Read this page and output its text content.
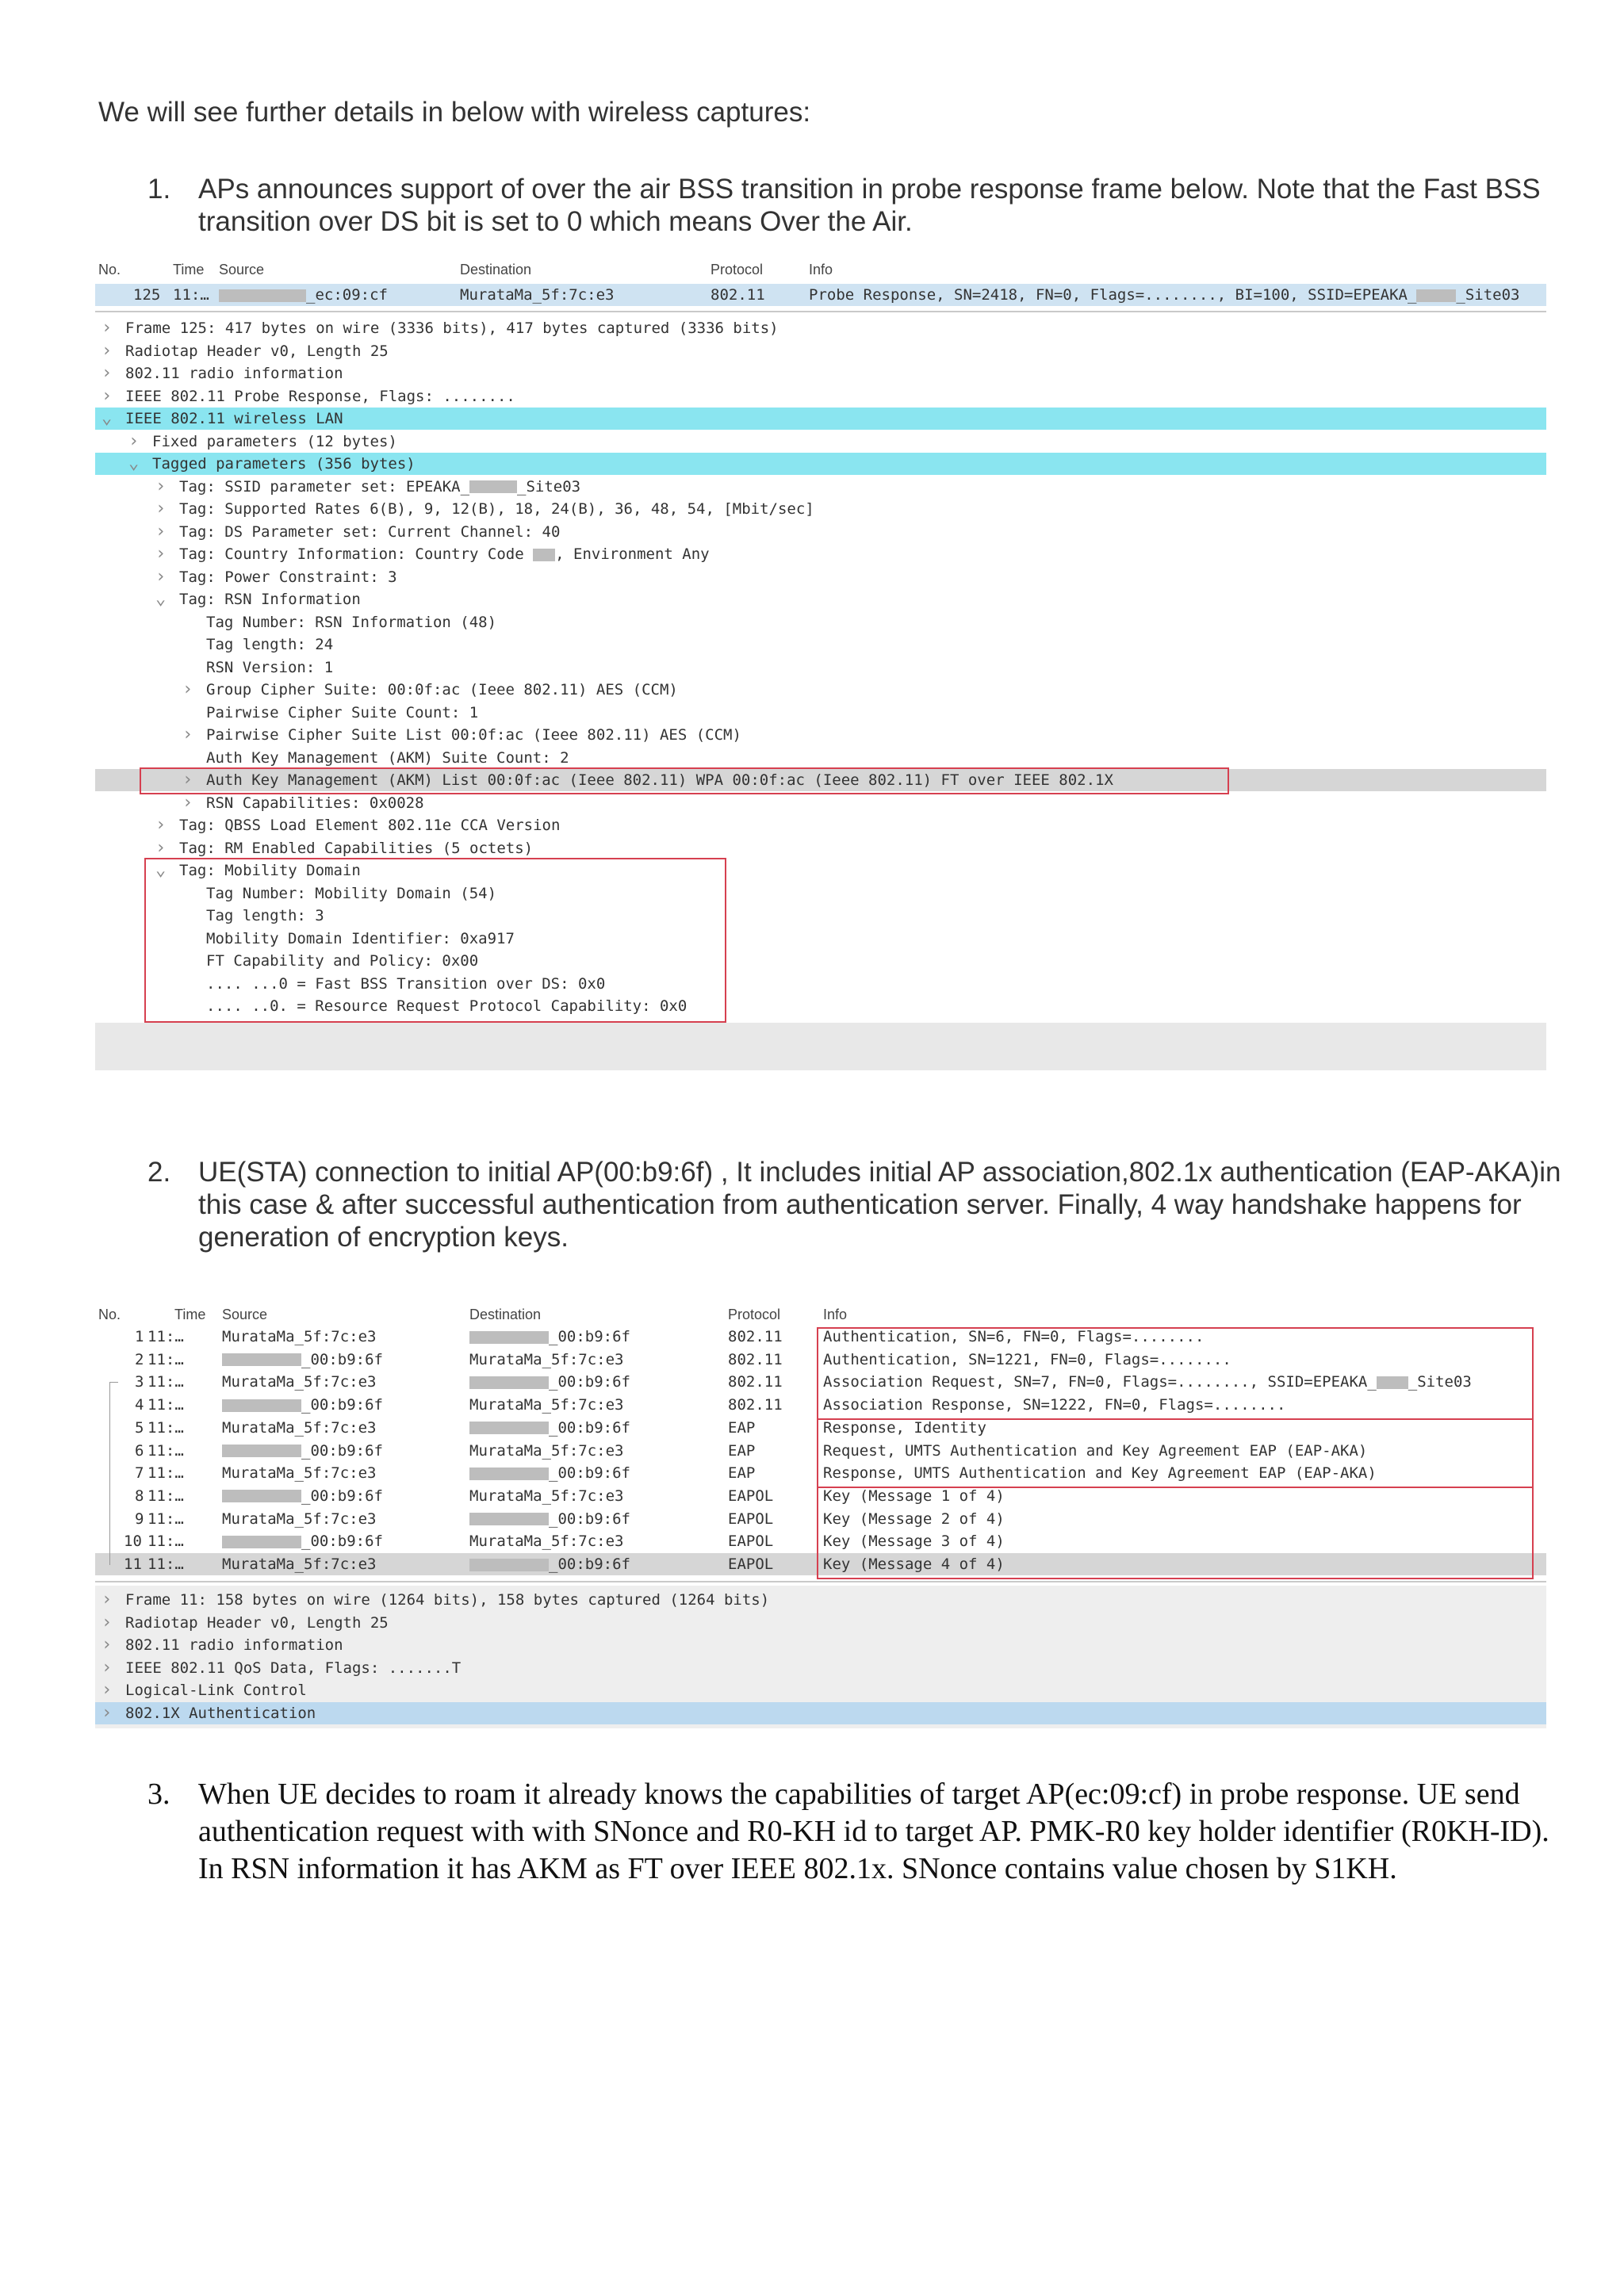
We will see further details in below with wireless captures:
1. APs announces support of over the air BSS transition in probe response frame below. Note that the Fast BSS transition over DS bit is set to 0 which means Over the Air.
No.	Time Source	Destination	Protocol	Info
125 11:…	_ec:09:cf	MurataMa_5f:7c:e3	802.11	Probe Response, SN=2418, FN=0, Flags=........, BI=100, SSID=EPEAKA_	_Site03
› Frame 125: 417 bytes on wire (3336 bits), 417 bytes captured (3336 bits)
› Radiotap Header v0, Length 25
› 802.11 radio information
› IEEE 802.11 Probe Response, Flags: ........
⌄ IEEE 802.11 wireless LAN
› Fixed parameters (12 bytes)
⌄ Tagged parameters (356 bytes)
› Tag: SSID parameter set: EPEAKA_	_Site03
› Tag: Supported Rates 6(B), 9, 12(B), 18, 24(B), 36, 48, 54, [Mbit/sec]
› Tag: DS Parameter set: Current Channel: 40
› Tag: Country Information: Country Code , Environment Any
› Tag: Power Constraint: 3
⌄ Tag: RSN Information
Tag Number: RSN Information (48)
Tag length: 24
RSN Version: 1
› Group Cipher Suite: 00:0f:ac (Ieee 802.11) AES (CCM)
Pairwise Cipher Suite Count: 1
› Pairwise Cipher Suite List 00:0f:ac (Ieee 802.11) AES (CCM)
Auth Key Management (AKM) Suite Count: 2
› Auth Key Management (AKM) List 00:0f:ac (Ieee 802.11) WPA 00:0f:ac (Ieee 802.11) FT over IEEE 802.1X
› RSN Capabilities: 0x0028
› Tag: QBSS Load Element 802.11e CCA Version
› Tag: RM Enabled Capabilities (5 octets)
⌄ Tag: Mobility Domain
Tag Number: Mobility Domain (54)
Tag length: 3
Mobility Domain Identifier: 0xa917
FT Capability and Policy: 0x00
.... ...0 = Fast BSS Transition over DS: 0x0
.... ..0. = Resource Request Protocol Capability: 0x0
2. UE(STA) connection to initial AP(00:b9:6f) , It includes initial AP association,802.1x authentication (EAP-AKA)in this case & after successful authentication from authentication server. Finally, 4 way handshake happens for generation of encryption keys.
No.	Time Source	Destination	Protocol	Info
1 11:…	MurataMa_5f:7c:e3	_00:b9:6f	802.11	Authentication, SN=6, FN=0, Flags=........
2 11:…	_00:b9:6f	MurataMa_5f:7c:e3	802.11	Authentication, SN=1221, FN=0, Flags=........
3 11:…	MurataMa_5f:7c:e3	_00:b9:6f	802.11	Association Request, SN=7, FN=0, Flags=........, SSID=EPEAKA_ _Site03
4 11:…	_00:b9:6f	MurataMa_5f:7c:e3	802.11	Association Response, SN=1222, FN=0, Flags=........
5 11:…	MurataMa_5f:7c:e3	_00:b9:6f	EAP	Response, Identity
6 11:…	_00:b9:6f	MurataMa_5f:7c:e3	EAP	Request, UMTS Authentication and Key Agreement EAP (EAP-AKA)
7 11:…	MurataMa_5f:7c:e3	_00:b9:6f	EAP	Response, UMTS Authentication and Key Agreement EAP (EAP-AKA)
8 11:…	_00:b9:6f	MurataMa_5f:7c:e3	EAPOL	Key (Message 1 of 4)
9 11:…	MurataMa_5f:7c:e3	_00:b9:6f	EAPOL	Key (Message 2 of 4)
10 11:…	_00:b9:6f	MurataMa_5f:7c:e3	EAPOL	Key (Message 3 of 4)
11 11:…	MurataMa_5f:7c:e3	_00:b9:6f	EAPOL	Key (Message 4 of 4)
› Frame 11: 158 bytes on wire (1264 bits), 158 bytes captured (1264 bits)
› Radiotap Header v0, Length 25
› 802.11 radio information
› IEEE 802.11 QoS Data, Flags: .......T
› Logical-Link Control
› 802.1X Authentication
3. When UE decides to roam it already knows the capabilities of target AP(ec:09:cf) in probe response. UE send authentication request with with SNonce and R0-KH id to target AP. PMK-R0 key holder identifier (R0KH-ID).
In RSN information it has AKM as FT over IEEE 802.1x. SNonce contains value chosen by S1KH.
